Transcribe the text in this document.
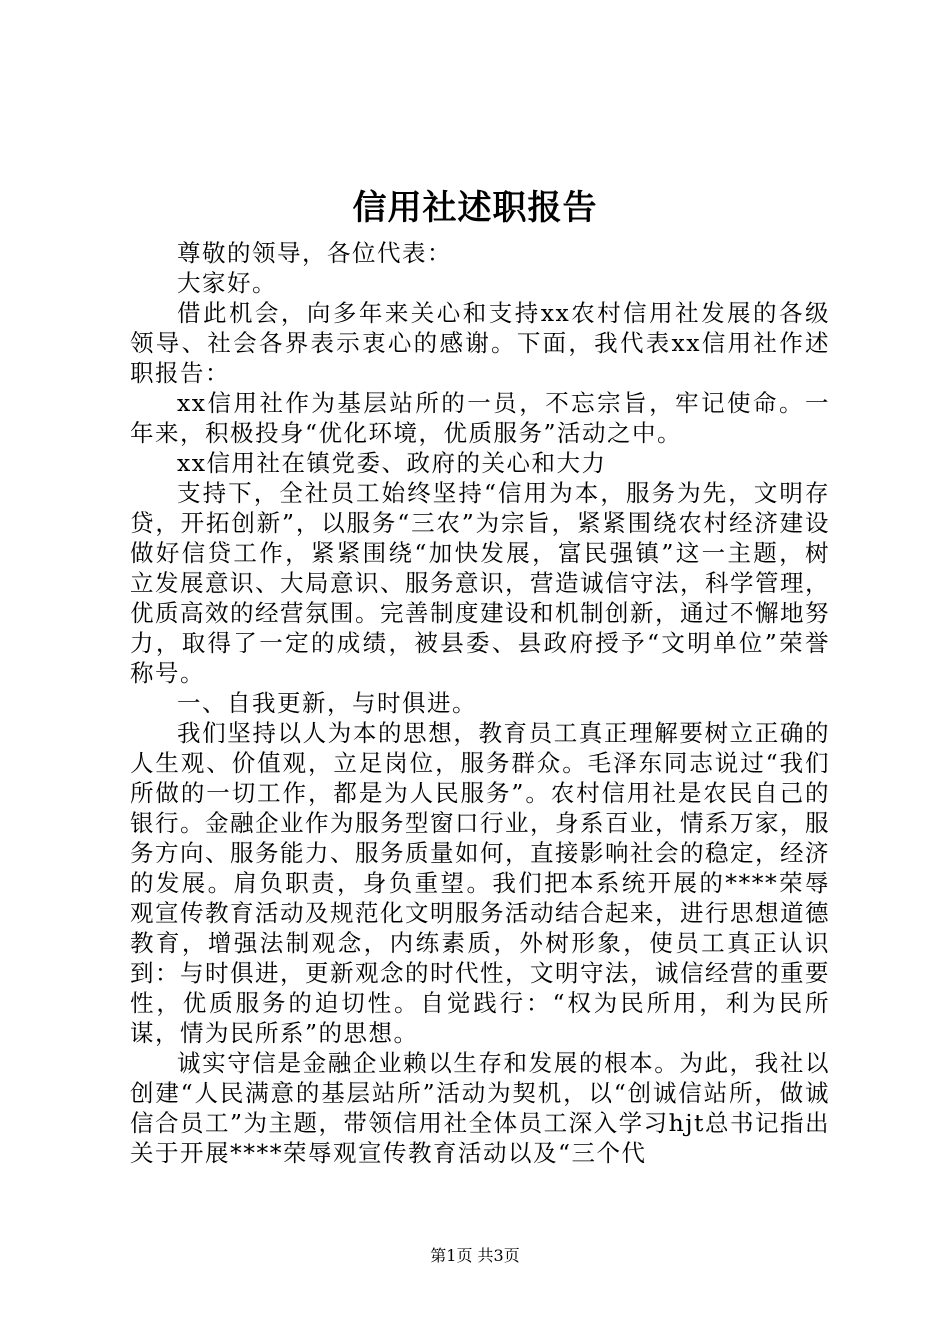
信用社述职报告

尊敬的领导，各位代表：

大家好。

借此机会，向多年来关心和支持xx农村信用社发展的各级领导、社会各界表示衷心的感谢。下面，我代表xx信用社作述职报告：

xx信用社作为基层站所的一员，不忘宗旨，牢记使命。一年来，积极投身“优化环境，优质服务”活动之中。

xx信用社在镇党委、政府的关心和大力

支持下，全社员工始终坚持“信用为本，服务为先，文明存贷，开拓创新”，以服务“三农”为宗旨，紧紧围绕农村经济建设做好信贷工作，紧紧围绕“加快发展，富民强镇”这一主题，树立发展意识、大局意识、服务意识，营造诚信守法，科学管理，优质高效的经营氛围。完善制度建设和机制创新，通过不懈地努力，取得了一定的成绩，被县委、县政府授予“文明单位”荣誉称号。

一、自我更新，与时俱进。

我们坚持以人为本的思想，教育员工真正理解要树立正确的人生观、价值观，立足岗位，服务群众。毛泽东同志说过“我们所做的一切工作，都是为人民服务”。农村信用社是农民自己的银行。金融企业作为服务型窗口行业，身系百业，情系万家，服务方向、服务能力、服务质量如何，直接影响社会的稳定，经济的发展。肩负职责，身负重望。我们把本系统开展的****荣辱观宣传教育活动及规范化文明服务活动结合起来，进行思想道德教育，增强法制观念，内练素质，外树形象，使员工真正认识到：与时俱进，更新观念的时代性，文明守法，诚信经营的重要性，优质服务的迫切性。自觉践行：“权为民所用，利为民所谋，情为民所系”的思想。

诚实守信是金融企业赖以生存和发展的根本。为此，我社以创建“人民满意的基层站所”活动为契机，以“创诚信站所，做诚信合员工”为主题，带领信用社全体员工深入学习hjt总书记指出关于开展****荣辱观宣传教育活动以及“三个代

第1页 共3页
